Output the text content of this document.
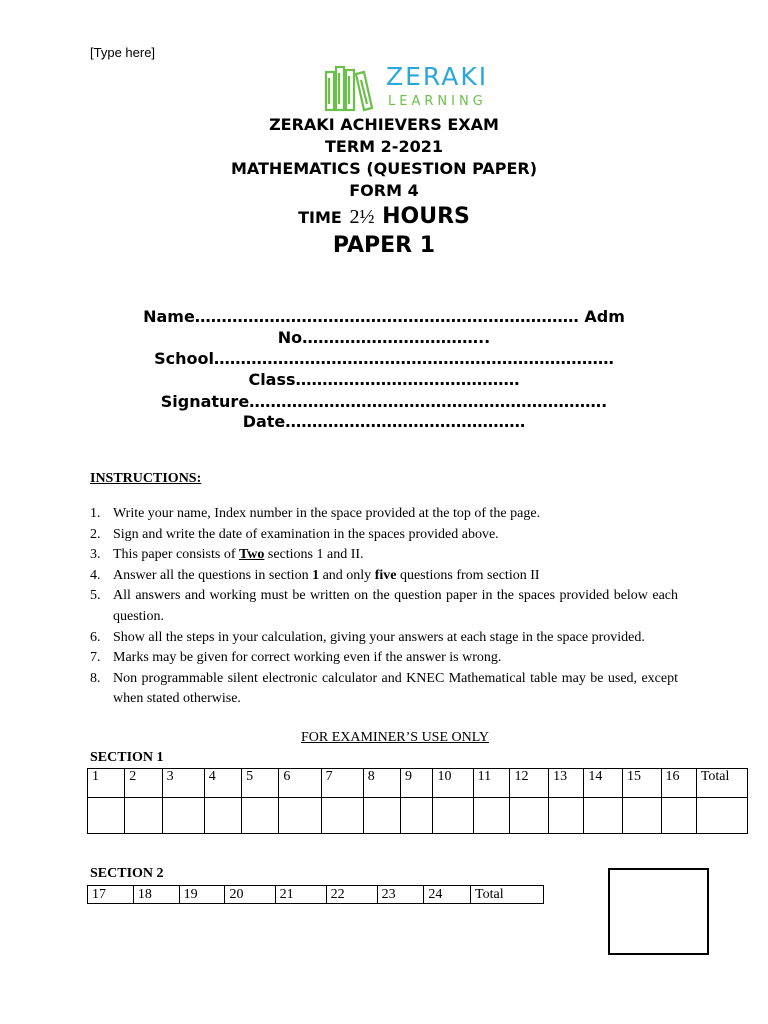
[Type here]
ZERAKI
LEARNING
ZERAKI ACHIEVERS EXAM
TERM 2-2021
MATHEMATICS (QUESTION PAPER)
FORM 4
TIME 2½ HOURS
PAPER 1
Name……………………………………………………………… Adm
No……………………………..
School…………………………………………………………………
Class……………………………………
Signature………………………………………………………….
Date………………………………………
INSTRUCTIONS:
1. Write your name, Index number in the space provided at the top of the page.
2. Sign and write the date of examination in the spaces provided above.
3. This paper consists of Two sections 1 and II.
4. Answer all the questions in section 1 and only five questions from section II
5. All answers and working must be written on the question paper in the spaces provided below each question.
6. Show all the steps in your calculation, giving your answers at each stage in the space provided.
7. Marks may be given for correct working even if the answer is wrong.
8. Non programmable silent electronic calculator and KNEC Mathematical table may be used, except when stated otherwise.
FOR EXAMINER’S USE ONLY
SECTION 1
1	2	3	4	5	6	7	8	9	10	11	12	13	14	15	16	Total

SECTION 2
17	18	19	20	21	22	23	24	Total
